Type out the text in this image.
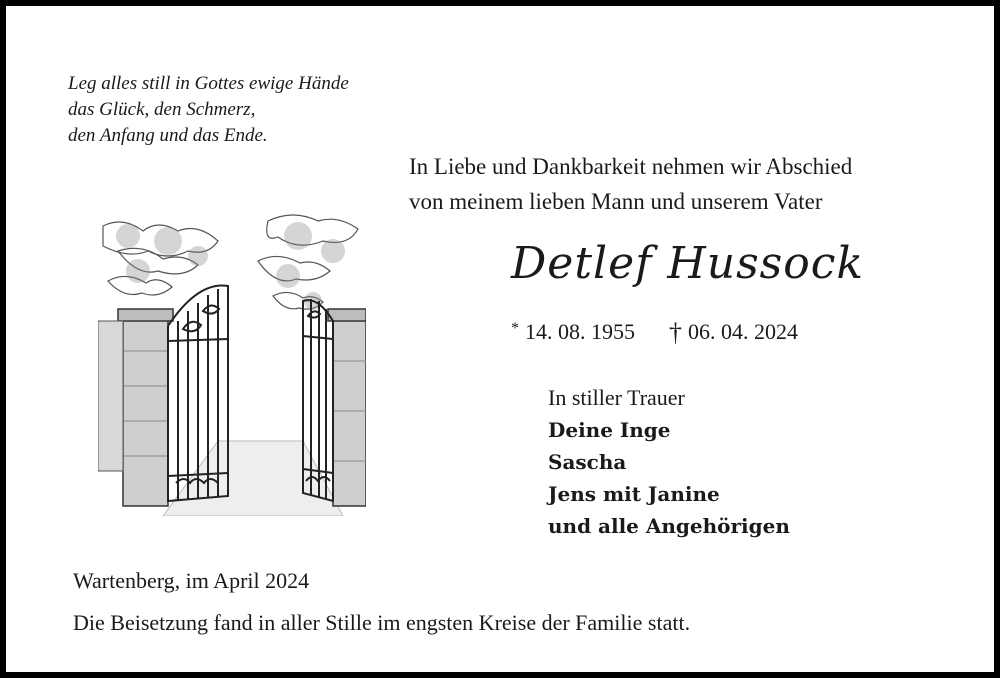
Leg alles still in Gottes ewige Hände
das Glück, den Schmerz,
den Anfang und das Ende.
In Liebe und Dankbarkeit nehmen wir Abschied
von meinem lieben Mann und unserem Vater
Detlef Hussock
* 14. 08. 1955 † 06. 04. 2024
In stiller Trauer
Deine Inge
Sascha
Jens mit Janine
und alle Angehörigen
Wartenberg, im April 2024
Die Beisetzung fand in aller Stille im engsten Kreise der Familie statt.
